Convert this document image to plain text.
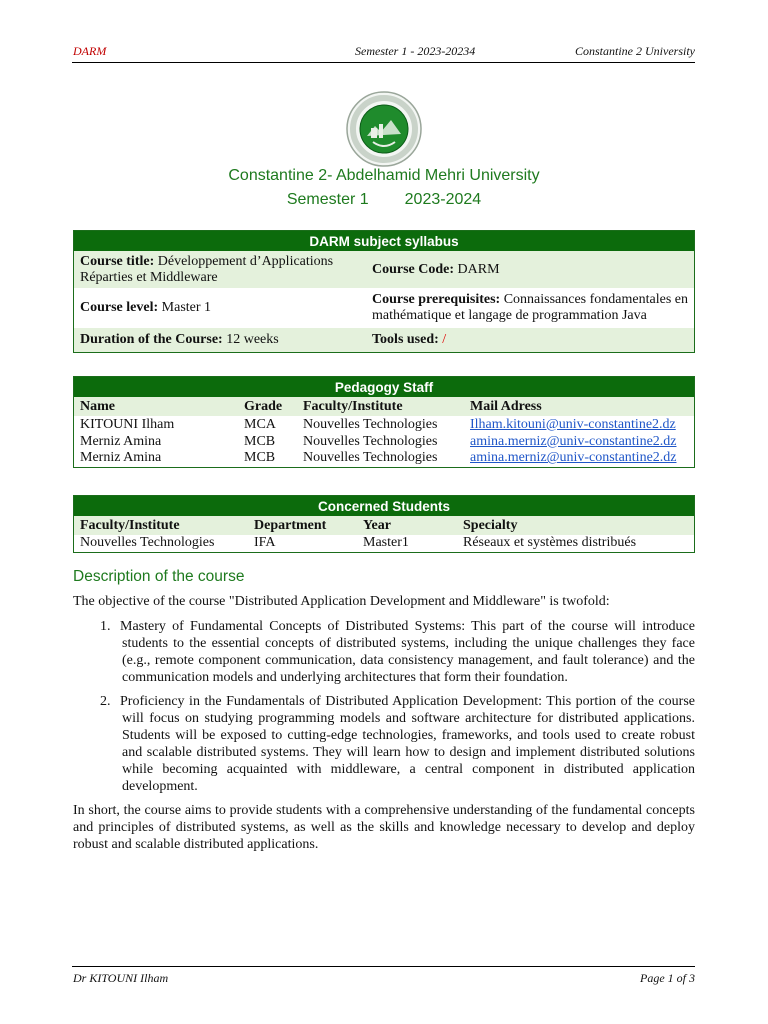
DARM	Semester 1 - 2023-20234	Constantine 2 University
Constantine 2- Abdelhamid Mehri University
Semester 1 2023-2024
DARM subject syllabus	
Course title: Développement d’Applications Réparties et Middleware	Course Code: DARM
Course level: Master 1	Course prerequisites: Connaissances fondamentales en mathématique et langage de programmation Java
Duration of the Course: 12 weeks	Tools used: /
Pedagogy Staff			
Name	Grade	Faculty/Institute	Mail Adress
KITOUNI Ilham	MCA	Nouvelles Technologies	Ilham.kitouni@univ-constantine2.dz
Merniz Amina	MCB	Nouvelles Technologies	amina.merniz@univ-constantine2.dz
Merniz Amina	MCB	Nouvelles Technologies	amina.merniz@univ-constantine2.dz
Concerned Students			
Faculty/Institute	Department	Year	Specialty
Nouvelles Technologies	IFA	Master1	Réseaux et systèmes distribués
Description of the course
The objective of the course "Distributed Application Development and Middleware" is twofold:
1. Mastery of Fundamental Concepts of Distributed Systems: This part of the course will introduce students to the essential concepts of distributed systems, including the unique challenges they face (e.g., remote component communication, data consistency management, and fault tolerance) and the communication models and underlying architectures that form their foundation.
2. Proficiency in the Fundamentals of Distributed Application Development: This portion of the course will focus on studying programming models and software architecture for distributed applications. Students will be exposed to cutting-edge technologies, frameworks, and tools used to create robust and scalable distributed systems. They will learn how to design and implement distributed solutions while becoming acquainted with middleware, a central component in distributed application development.
In short, the course aims to provide students with a comprehensive understanding of the fundamental concepts and principles of distributed systems, as well as the skills and knowledge necessary to develop and deploy robust and scalable distributed applications.
Dr KITOUNI Ilham	Page 1 of 3
